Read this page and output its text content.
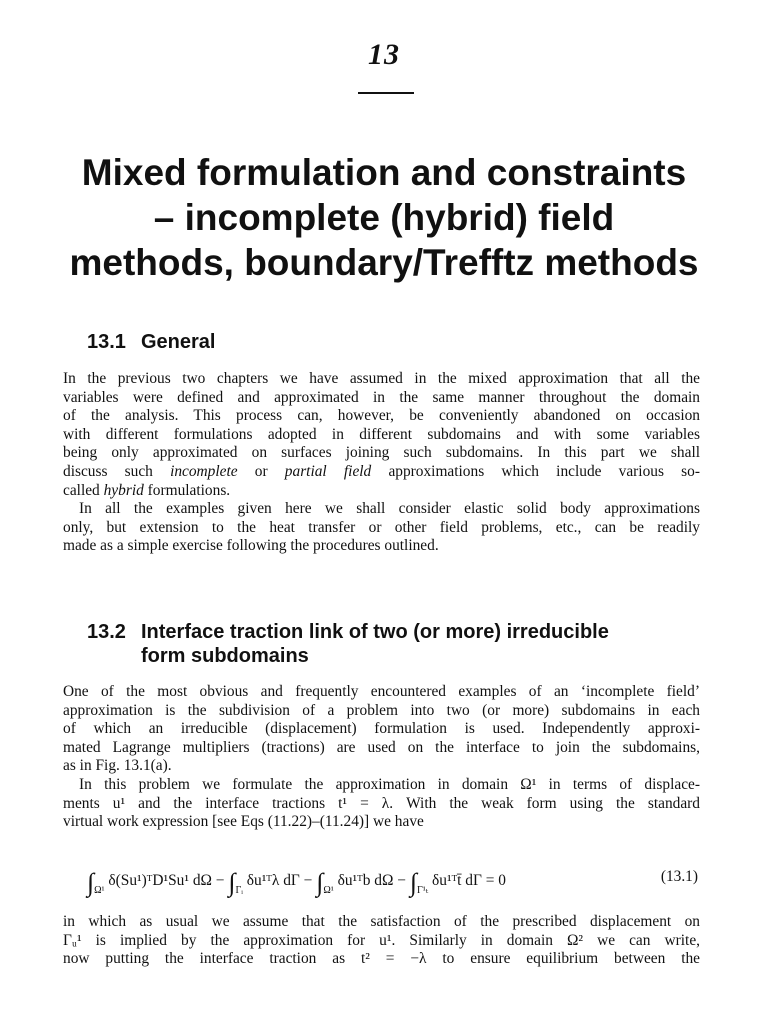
13
Mixed formulation and constraints
– incomplete (hybrid) field
methods, boundary/Trefftz methods
13.1 General
In the previous two chapters we have assumed in the mixed approximation that all the
variables were defined and approximated in the same manner throughout the domain
of the analysis. This process can, however, be conveniently abandoned on occasion
with different formulations adopted in different subdomains and with some variables
being only approximated on surfaces joining such subdomains. In this part we shall
discuss such incomplete or partial field approximations which include various so-
called hybrid formulations.
In all the examples given here we shall consider elastic solid body approximations
only, but extension to the heat transfer or other field problems, etc., can be readily
made as a simple exercise following the procedures outlined.
13.2 Interface traction link of two (or more) irreducible
form subdomains
One of the most obvious and frequently encountered examples of an ‘incomplete field’
approximation is the subdivision of a problem into two (or more) subdomains in each
of which an irreducible (displacement) formulation is used. Independently approxi-
mated Lagrange multipliers (tractions) are used on the interface to join the subdomains,
as in Fig. 13.1(a).
In this problem we formulate the approximation in domain Ω¹ in terms of displace-
ments u¹ and the interface tractions t¹ = λ. With the weak form using the standard
virtual work expression [see Eqs (11.22)–(11.24)] we have
$\int_{\Omega^1}$ δ(Su¹)ᵀD¹Su¹ $d\Omega - \int_{\Gamma ᵢ}$ δu¹ᵀλ $d\Gamma - \int_{\Omega^1}$ δu¹ᵀb $d\Omega - \int_{\Gamma^1_t}$ δu¹ᵀt̄ dΓ = 0	(13.1)
in which as usual we assume that the satisfaction of the prescribed displacement on
Γᵤ¹ is implied by the approximation for u¹. Similarly in domain Ω² we can write,
now putting the interface traction as t² = −λ to ensure equilibrium between the
